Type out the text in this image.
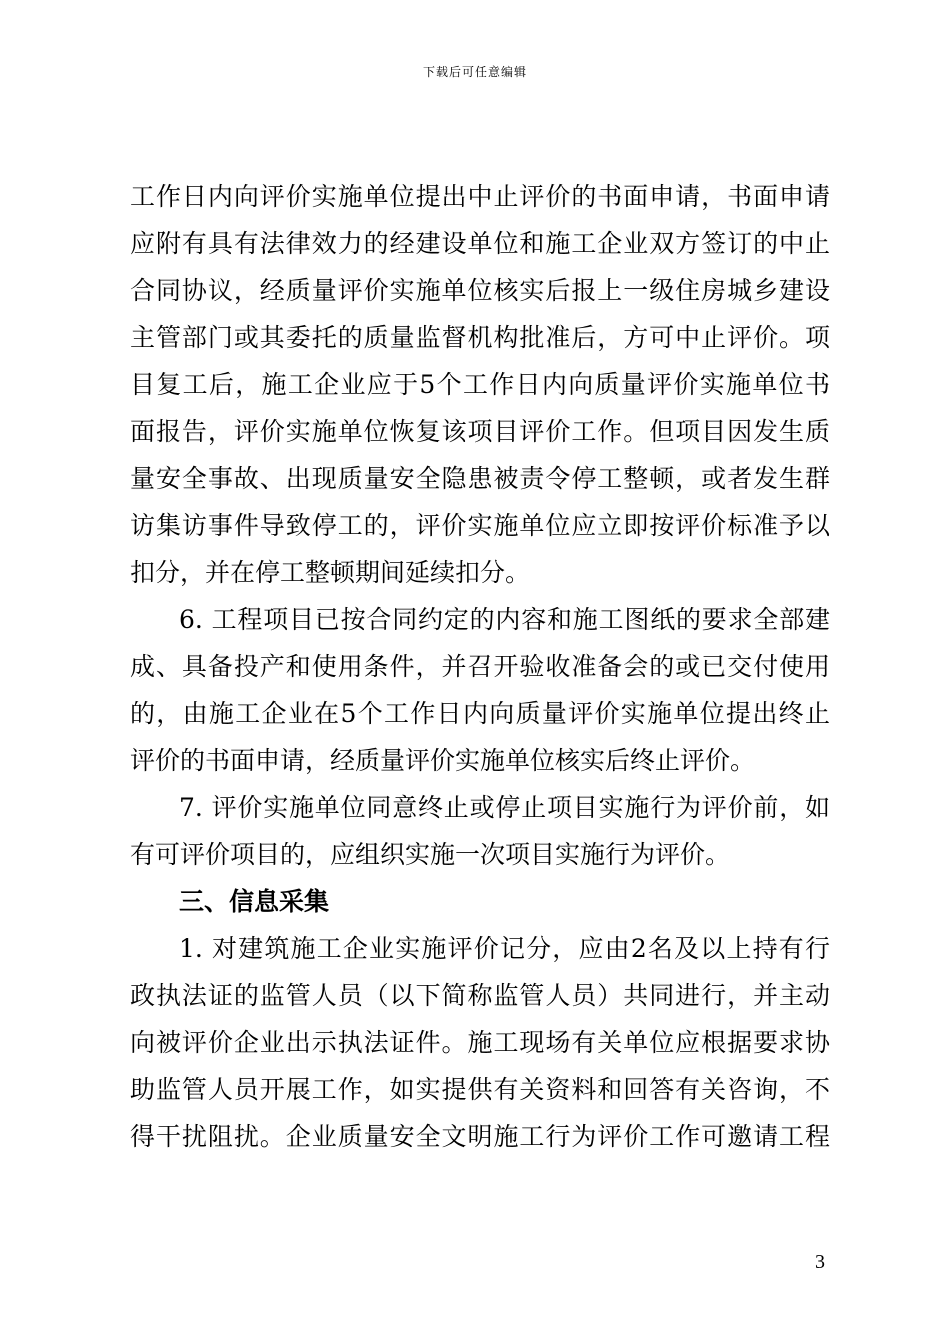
下载后可任意编辑
工作日内向评价实施单位提出中止评价的书面申请，书面申请
应附有具有法律效力的经建设单位和施工企业双方签订的中止
合同协议，经质量评价实施单位核实后报上一级住房城乡建设
主管部门或其委托的质量监督机构批准后，方可中止评价。项
目复工后，施工企业应于5个工作日内向质量评价实施单位书
面报告，评价实施单位恢复该项目评价工作。但项目因发生质
量安全事故、出现质量安全隐患被责令停工整顿，或者发生群
访集访事件导致停工的，评价实施单位应立即按评价标准予以
扣分，并在停工整顿期间延续扣分。
6. 工程项目已按合同约定的内容和施工图纸的要求全部建
成、具备投产和使用条件，并召开验收准备会的或已交付使用
的，由施工企业在5个工作日内向质量评价实施单位提出终止
评价的书面申请，经质量评价实施单位核实后终止评价。
7. 评价实施单位同意终止或停止项目实施行为评价前，如
有可评价项目的，应组织实施一次项目实施行为评价。
三、信息采集
1. 对建筑施工企业实施评价记分，应由2名及以上持有行
政执法证的监管人员（以下简称监管人员）共同进行，并主动
向被评价企业出示执法证件。施工现场有关单位应根据要求协
助监管人员开展工作，如实提供有关资料和回答有关咨询，不
得干扰阻扰。企业质量安全文明施工行为评价工作可邀请工程
3
